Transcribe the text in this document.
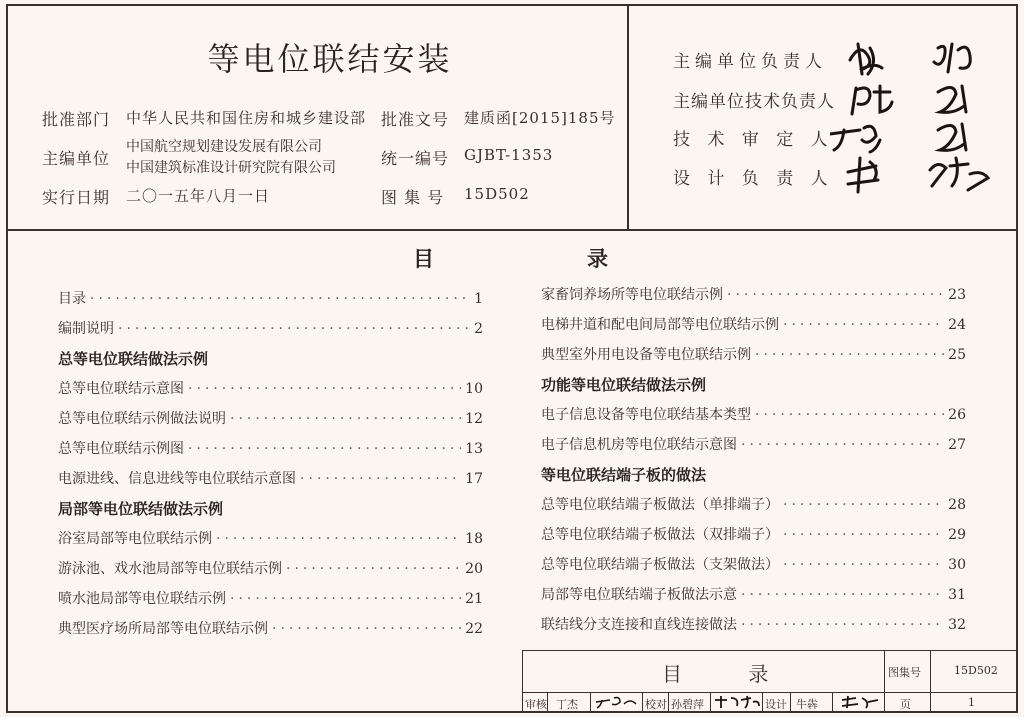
等电位联结安装
批准部门 中华人民共和国住房和城乡建设部 批准文号 建质函[2015]185号
主编单位
中国航空规划建设发展有限公司
中国建筑标准设计研究院有限公司	统一编号 GJBT-1353
实行日期 二〇一五年八月一日	图 集 号 15D502
主编单位负责人
主编单位技术负责人
技 术 审 定 人
设 计 负 责 人
目	录
目录 ·····	1
编制说明 ·····	2
总等电位联结做法示例
总等电位联结示意图 ·····	10
总等电位联结示例做法说明 ·····	12
总等电位联结示例图 ·····	13
电源进线、信息进线等电位联结示意图 ·····	17
局部等电位联结做法示例
浴室局部等电位联结示例 ·····	18
游泳池、戏水池局部等电位联结示例 ·····	20
喷水池局部等电位联结示例 ·····	21
典型医疗场所局部等电位联结示例 ·····	22
家畜饲养场所等电位联结示例 ·····	23
电梯井道和配电间局部等电位联结示例 ·····	24
典型室外用电设备等电位联结示例 ·····	25
功能等电位联结做法示例
电子信息设备等电位联结基本类型 ·····	26
电子信息机房等电位联结示意图 ·····	27
等电位联结端子板的做法
总等电位联结端子板做法（单排端子） ·····	28
总等电位联结端子板做法（双排端子） ·····	29
总等电位联结端子板做法（支架做法） ·····	30
局部等电位联结端子板做法示意 ·····	31
联结线分支连接和直线连接做法 ·····	32
目 录	图集号	15D502
审核 丁杰	校对 孙碧萍	设计 牛犇	页	1
